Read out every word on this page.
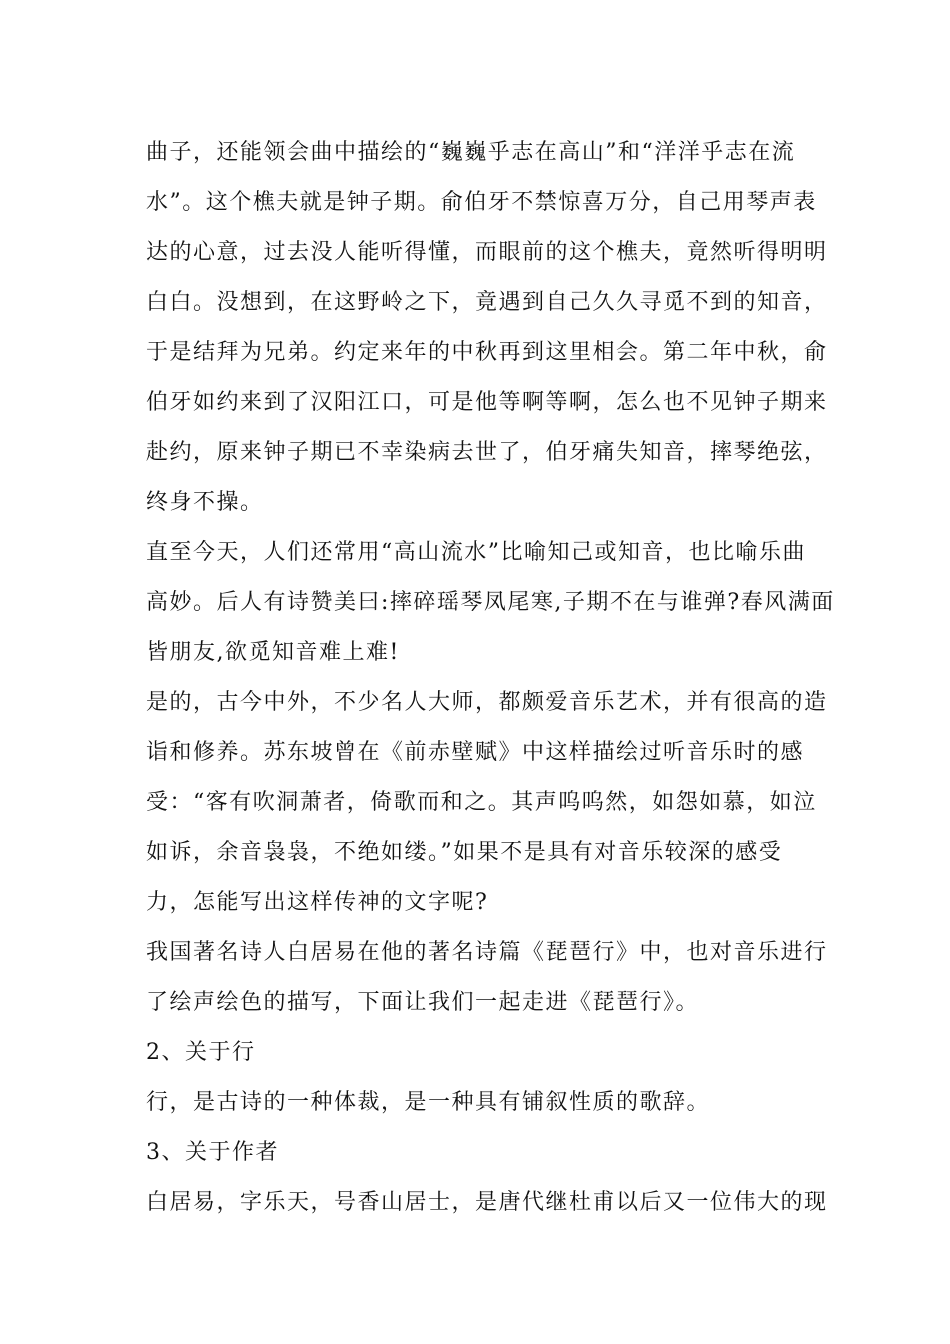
曲子，还能领会曲中描绘的“巍巍乎志在高山”和“洋洋乎志在流
水”。这个樵夫就是钟子期。俞伯牙不禁惊喜万分，自己用琴声表
达的心意，过去没人能听得懂，而眼前的这个樵夫，竟然听得明明
白白。没想到，在这野岭之下，竟遇到自己久久寻觅不到的知音，
于是结拜为兄弟。约定来年的中秋再到这里相会。第二年中秋，俞
伯牙如约来到了汉阳江口，可是他等啊等啊，怎么也不见钟子期来
赴约，原来钟子期已不幸染病去世了，伯牙痛失知音，摔琴绝弦，
终身不操。
直至今天，人们还常用“高山流水”比喻知己或知音，也比喻乐曲
高妙。后人有诗赞美曰:摔碎瑶琴凤尾寒,子期不在与谁弹?春风满面
皆朋友,欲觅知音难上难!
是的，古今中外，不少名人大师，都颇爱音乐艺术，并有很高的造
诣和修养。苏东坡曾在《前赤壁赋》中这样描绘过听音乐时的感
受：“客有吹洞萧者，倚歌而和之。其声呜呜然，如怨如慕，如泣
如诉，余音袅袅，不绝如缕。”如果不是具有对音乐较深的感受
力，怎能写出这样传神的文字呢?
我国著名诗人白居易在他的著名诗篇《琵琶行》中，也对音乐进行
了绘声绘色的描写，下面让我们一起走进《琵琶行》。
2、关于行
行，是古诗的一种体裁，是一种具有铺叙性质的歌辞。
3、关于作者
白居易，字乐天，号香山居士，是唐代继杜甫以后又一位伟大的现
